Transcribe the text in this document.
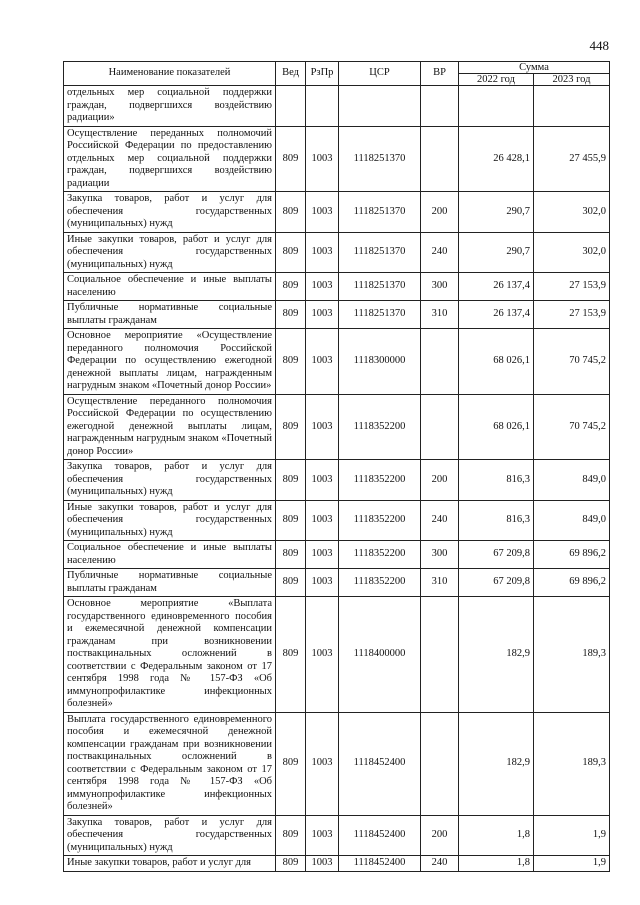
448
Наименование показателей	Вед	РзПр	ЦСР	ВР	Сумма	
					2022 год	2023 год
отдельных мер социальной поддержки граждан, подвергшихся воздействию радиации»						
Осуществление переданных полномочий Российской Федерации по предоставлению отдельных мер социальной поддержки граждан, подвергшихся воздействию радиации	809	1003	1118251370		26 428,1	27 455,9
Закупка товаров, работ и услуг для обеспечения государственных (муниципальных) нужд	809	1003	1118251370	200	290,7	302,0
Иные закупки товаров, работ и услуг для обеспечения государственных (муниципальных) нужд	809	1003	1118251370	240	290,7	302,0
Социальное обеспечение и иные выплаты населению	809	1003	1118251370	300	26 137,4	27 153,9
Публичные нормативные социальные выплаты гражданам	809	1003	1118251370	310	26 137,4	27 153,9
Основное мероприятие «Осуществление переданного полномочия Российской Федерации по осуществлению ежегодной денежной выплаты лицам, награжденным нагрудным знаком «Почетный донор России»	809	1003	1118300000		68 026,1	70 745,2
Осуществление переданного полномочия Российской Федерации по осуществлению ежегодной денежной выплаты лицам, награжденным нагрудным знаком «Почетный донор России»	809	1003	1118352200		68 026,1	70 745,2
Закупка товаров, работ и услуг для обеспечения государственных (муниципальных) нужд	809	1003	1118352200	200	816,3	849,0
Иные закупки товаров, работ и услуг для обеспечения государственных (муниципальных) нужд	809	1003	1118352200	240	816,3	849,0
Социальное обеспечение и иные выплаты населению	809	1003	1118352200	300	67 209,8	69 896,2
Публичные нормативные социальные выплаты гражданам	809	1003	1118352200	310	67 209,8	69 896,2
Основное мероприятие «Выплата государственного единовременного пособия и ежемесячной денежной компенсации гражданам при возникновении поствакцинальных осложнений в соответствии с Федеральным законом от 17 сентября 1998 года № 157-ФЗ «Об иммунопрофилактике инфекционных болезней»	809	1003	1118400000		182,9	189,3
Выплата государственного единовременного пособия и ежемесячной денежной компенсации гражданам при возникновении поствакцинальных осложнений в соответствии с Федеральным законом от 17 сентября 1998 года № 157-ФЗ «Об иммунопрофилактике инфекционных болезней»	809	1003	1118452400		182,9	189,3
Закупка товаров, работ и услуг для обеспечения государственных (муниципальных) нужд	809	1003	1118452400	200	1,8	1,9
Иные закупки товаров, работ и услуг для	809	1003	1118452400	240	1,8	1,9
